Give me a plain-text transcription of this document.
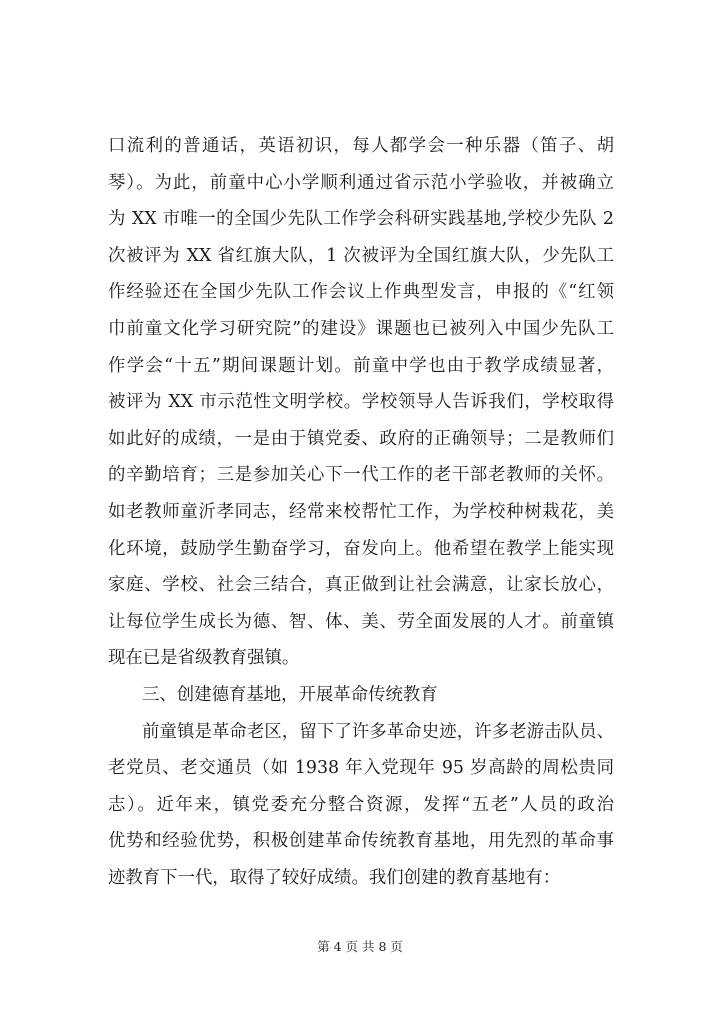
口流利的普通话，英语初识，每人都学会一种乐器（笛子、胡
琴）。为此，前童中心小学顺利通过省示范小学验收，并被确立
为 XX 市唯一的全国少先队工作学会科研实践基地,学校少先队 2
次被评为 XX 省红旗大队，1 次被评为全国红旗大队，少先队工
作经验还在全国少先队工作会议上作典型发言，申报的《“红领
巾前童文化学习研究院”的建设》课题也已被列入中国少先队工
作学会“十五”期间课题计划。前童中学也由于教学成绩显著，
被评为 XX 市示范性文明学校。学校领导人告诉我们，学校取得
如此好的成绩，一是由于镇党委、政府的正确领导；二是教师们
的辛勤培育；三是参加关心下一代工作的老干部老教师的关怀。
如老教师童沂孝同志，经常来校帮忙工作，为学校种树栽花，美
化环境，鼓励学生勤奋学习，奋发向上。他希望在教学上能实现
家庭、学校、社会三结合，真正做到让社会满意，让家长放心，
让每位学生成长为德、智、体、美、劳全面发展的人才。前童镇
现在已是省级教育强镇。
三、创建德育基地，开展革命传统教育
前童镇是革命老区，留下了许多革命史迹，许多老游击队员、
老党员、老交通员（如 1938 年入党现年 95 岁高龄的周松贵同
志）。近年来，镇党委充分整合资源，发挥“五老”人员的政治
优势和经验优势，积极创建革命传统教育基地，用先烈的革命事
迹教育下一代，取得了较好成绩。我们创建的教育基地有：
第 4 页 共 8 页
